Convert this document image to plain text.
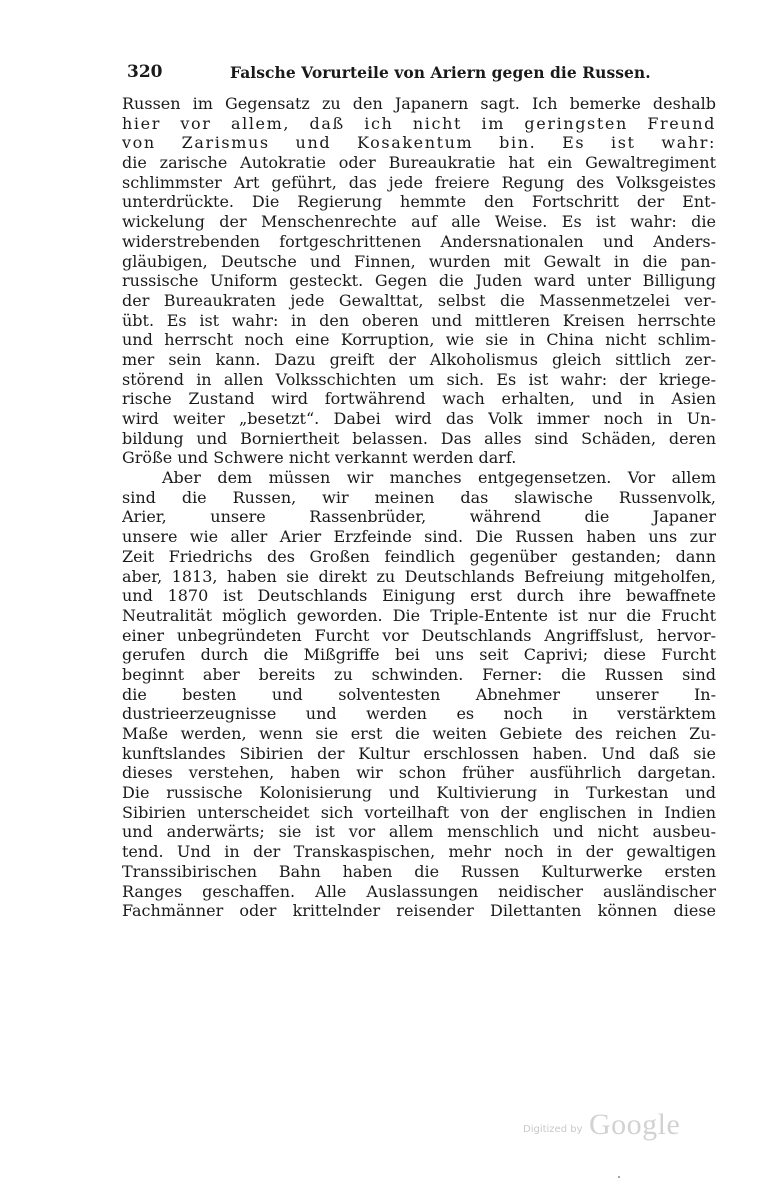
320	Falsche Vorurteile von Ariern gegen die Russen.
Russen im Gegensatz zu den Japanern sagt. Ich bemerke deshalb
hier vor allem, daß ich nicht im geringsten Freund
von Zarismus und Kosakentum bin. Es ist wahr:
die zarische Autokratie oder Bureaukratie hat ein Gewaltregiment
schlimmster Art geführt, das jede freiere Regung des Volksgeistes
unterdrückte. Die Regierung hemmte den Fortschritt der Ent-
wickelung der Menschenrechte auf alle Weise. Es ist wahr: die
widerstrebenden fortgeschrittenen Andersnationalen und Anders-
gläubigen, Deutsche und Finnen, wurden mit Gewalt in die pan-
russische Uniform gesteckt. Gegen die Juden ward unter Billigung
der Bureaukraten jede Gewalttat, selbst die Massenmetzelei ver-
übt. Es ist wahr: in den oberen und mittleren Kreisen herrschte
und herrscht noch eine Korruption, wie sie in China nicht schlim-
mer sein kann. Dazu greift der Alkoholismus gleich sittlich zer-
störend in allen Volksschichten um sich. Es ist wahr: der kriege-
rische Zustand wird fortwährend wach erhalten, und in Asien
wird weiter „besetzt“. Dabei wird das Volk immer noch in Un-
bildung und Borniertheit belassen. Das alles sind Schäden, deren
Größe und Schwere nicht verkannt werden darf.
Aber dem müssen wir manches entgegensetzen. Vor allem
sind die Russen, wir meinen das slawische Russenvolk,
Arier, unsere Rassenbrüder, während die Japaner
unsere wie aller Arier Erzfeinde sind. Die Russen haben uns zur
Zeit Friedrichs des Großen feindlich gegenüber gestanden; dann
aber, 1813, haben sie direkt zu Deutschlands Befreiung mitgeholfen,
und 1870 ist Deutschlands Einigung erst durch ihre bewaffnete
Neutralität möglich geworden. Die Triple-Entente ist nur die Frucht
einer unbegründeten Furcht vor Deutschlands Angriffslust, hervor-
gerufen durch die Mißgriffe bei uns seit Caprivi; diese Furcht
beginnt aber bereits zu schwinden. Ferner: die Russen sind
die besten und solventesten Abnehmer unserer In-
dustrieerzeugnisse und werden es noch in verstärktem
Maße werden, wenn sie erst die weiten Gebiete des reichen Zu-
kunftslandes Sibirien der Kultur erschlossen haben. Und daß sie
dieses verstehen, haben wir schon früher ausführlich dargetan.
Die russische Kolonisierung und Kultivierung in Turkestan und
Sibirien unterscheidet sich vorteilhaft von der englischen in Indien
und anderwärts; sie ist vor allem menschlich und nicht ausbeu-
tend. Und in der Transkaspischen, mehr noch in der gewaltigen
Transsibirischen Bahn haben die Russen Kulturwerke ersten
Ranges geschaffen. Alle Auslassungen neidischer ausländischer
Fachmänner oder krittelnder reisender Dilettanten können diese
Digitized by Google
